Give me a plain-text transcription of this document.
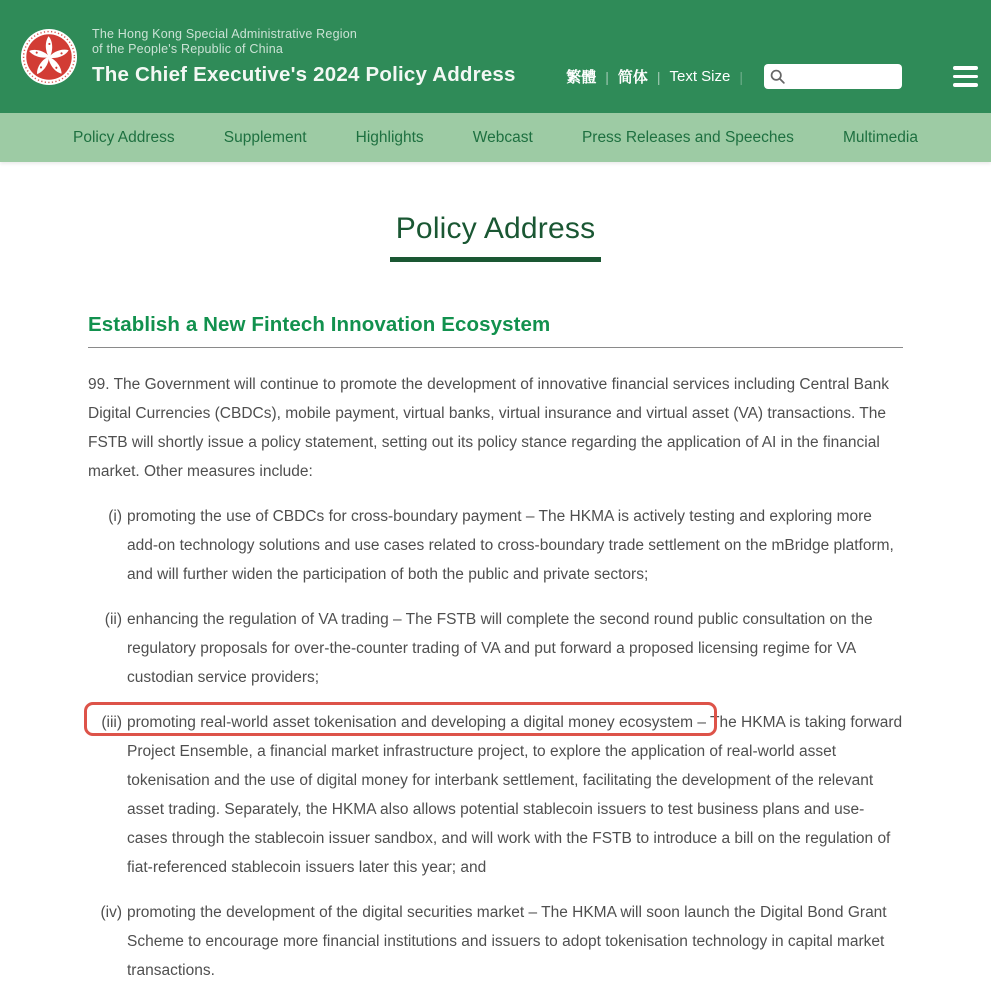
The Hong Kong Special Administrative Region
of the People's Republic of China
The Chief Executive's 2024 Policy Address	繁體 | 简体 | Text Size |
Policy Address	Supplement	Highlights	Webcast	Press Releases and Speeches	Multimedia
Policy Address
Establish a New Fintech Innovation Ecosystem

99. The Government will continue to promote the development of innovative financial services including Central Bank Digital Currencies (CBDCs), mobile payment, virtual banks, virtual insurance and virtual asset (VA) transactions. The FSTB will shortly issue a policy statement, setting out its policy stance regarding the application of AI in the financial market. Other measures include:

(i) promoting the use of CBDCs for cross-boundary payment – The HKMA is actively testing and exploring more add-on technology solutions and use cases related to cross-boundary trade settlement on the mBridge platform, and will further widen the participation of both the public and private sectors;
(ii) enhancing the regulation of VA trading – The FSTB will complete the second round public consultation on the regulatory proposals for over-the-counter trading of VA and put forward a proposed licensing regime for VA custodian service providers;
(iii) promoting real-world asset tokenisation and developing a digital money ecosystem – The HKMA is taking forward Project Ensemble, a financial market infrastructure project, to explore the application of real-world asset tokenisation and the use of digital money for interbank settlement, facilitating the development of the relevant asset trading. Separately, the HKMA also allows potential stablecoin issuers to test business plans and use-cases through the stablecoin issuer sandbox, and will work with the FSTB to introduce a bill on the regulation of fiat-referenced stablecoin issuers later this year; and
(iv) promoting the development of the digital securities market – The HKMA will soon launch the Digital Bond Grant Scheme to encourage more financial institutions and issuers to adopt tokenisation technology in capital market transactions.
